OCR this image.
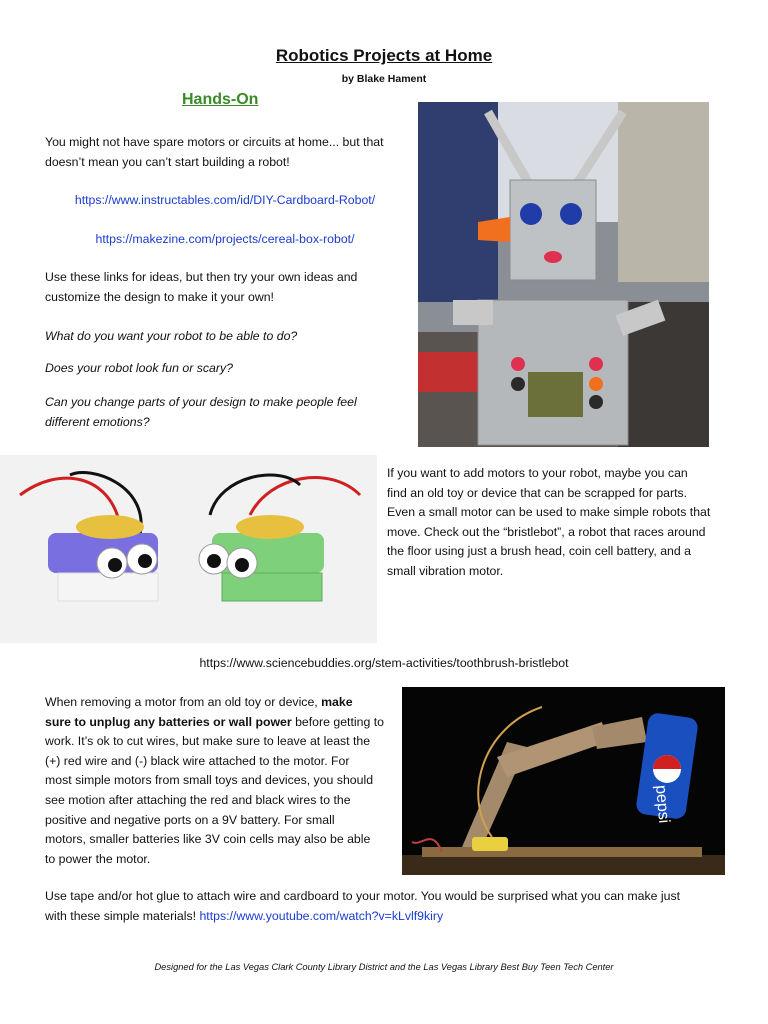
Robotics Projects at Home
by Blake Hament
Hands-On
You might not have spare motors or circuits at home... but that
doesn’t mean you can’t start building a robot!
https://www.instructables.com/id/DIY-Cardboard-Robot/
https://makezine.com/projects/cereal-box-robot/
Use these links for ideas, but then try your own ideas and
customize the design to make it your own!
What do you want your robot to be able to do?
Does your robot look fun or scary?
Can you change parts of your design to make people feel
different emotions?
If you want to add motors to your robot, maybe you can
find an old toy or device that can be scrapped for parts.
Even a small motor can be used to make simple robots that
move. Check out the “bristlebot”, a robot that races around
the floor using just a brush head, coin cell battery, and a
small vibration motor.
https://www.sciencebuddies.org/stem-activities/toothbrush-bristlebot
When removing a motor from an old toy or device, make
sure to unplug any batteries or wall power before getting to
work. It’s ok to cut wires, but make sure to leave at least the
(+) red wire and (-) black wire attached to the motor. For
most simple motors from small toys and devices, you should
see motion after attaching the red and black wires to the
positive and negative ports on a 9V battery. For small
motors, smaller batteries like 3V coin cells may also be able
to power the motor.
pepsi
Use tape and/or hot glue to attach wire and cardboard to your motor. You would be surprised what you can make just
with these simple materials! https://www.youtube.com/watch?v=kLvlf9kiry
Designed for the Las Vegas Clark County Library District and the Las Vegas Library Best Buy Teen Tech Center
